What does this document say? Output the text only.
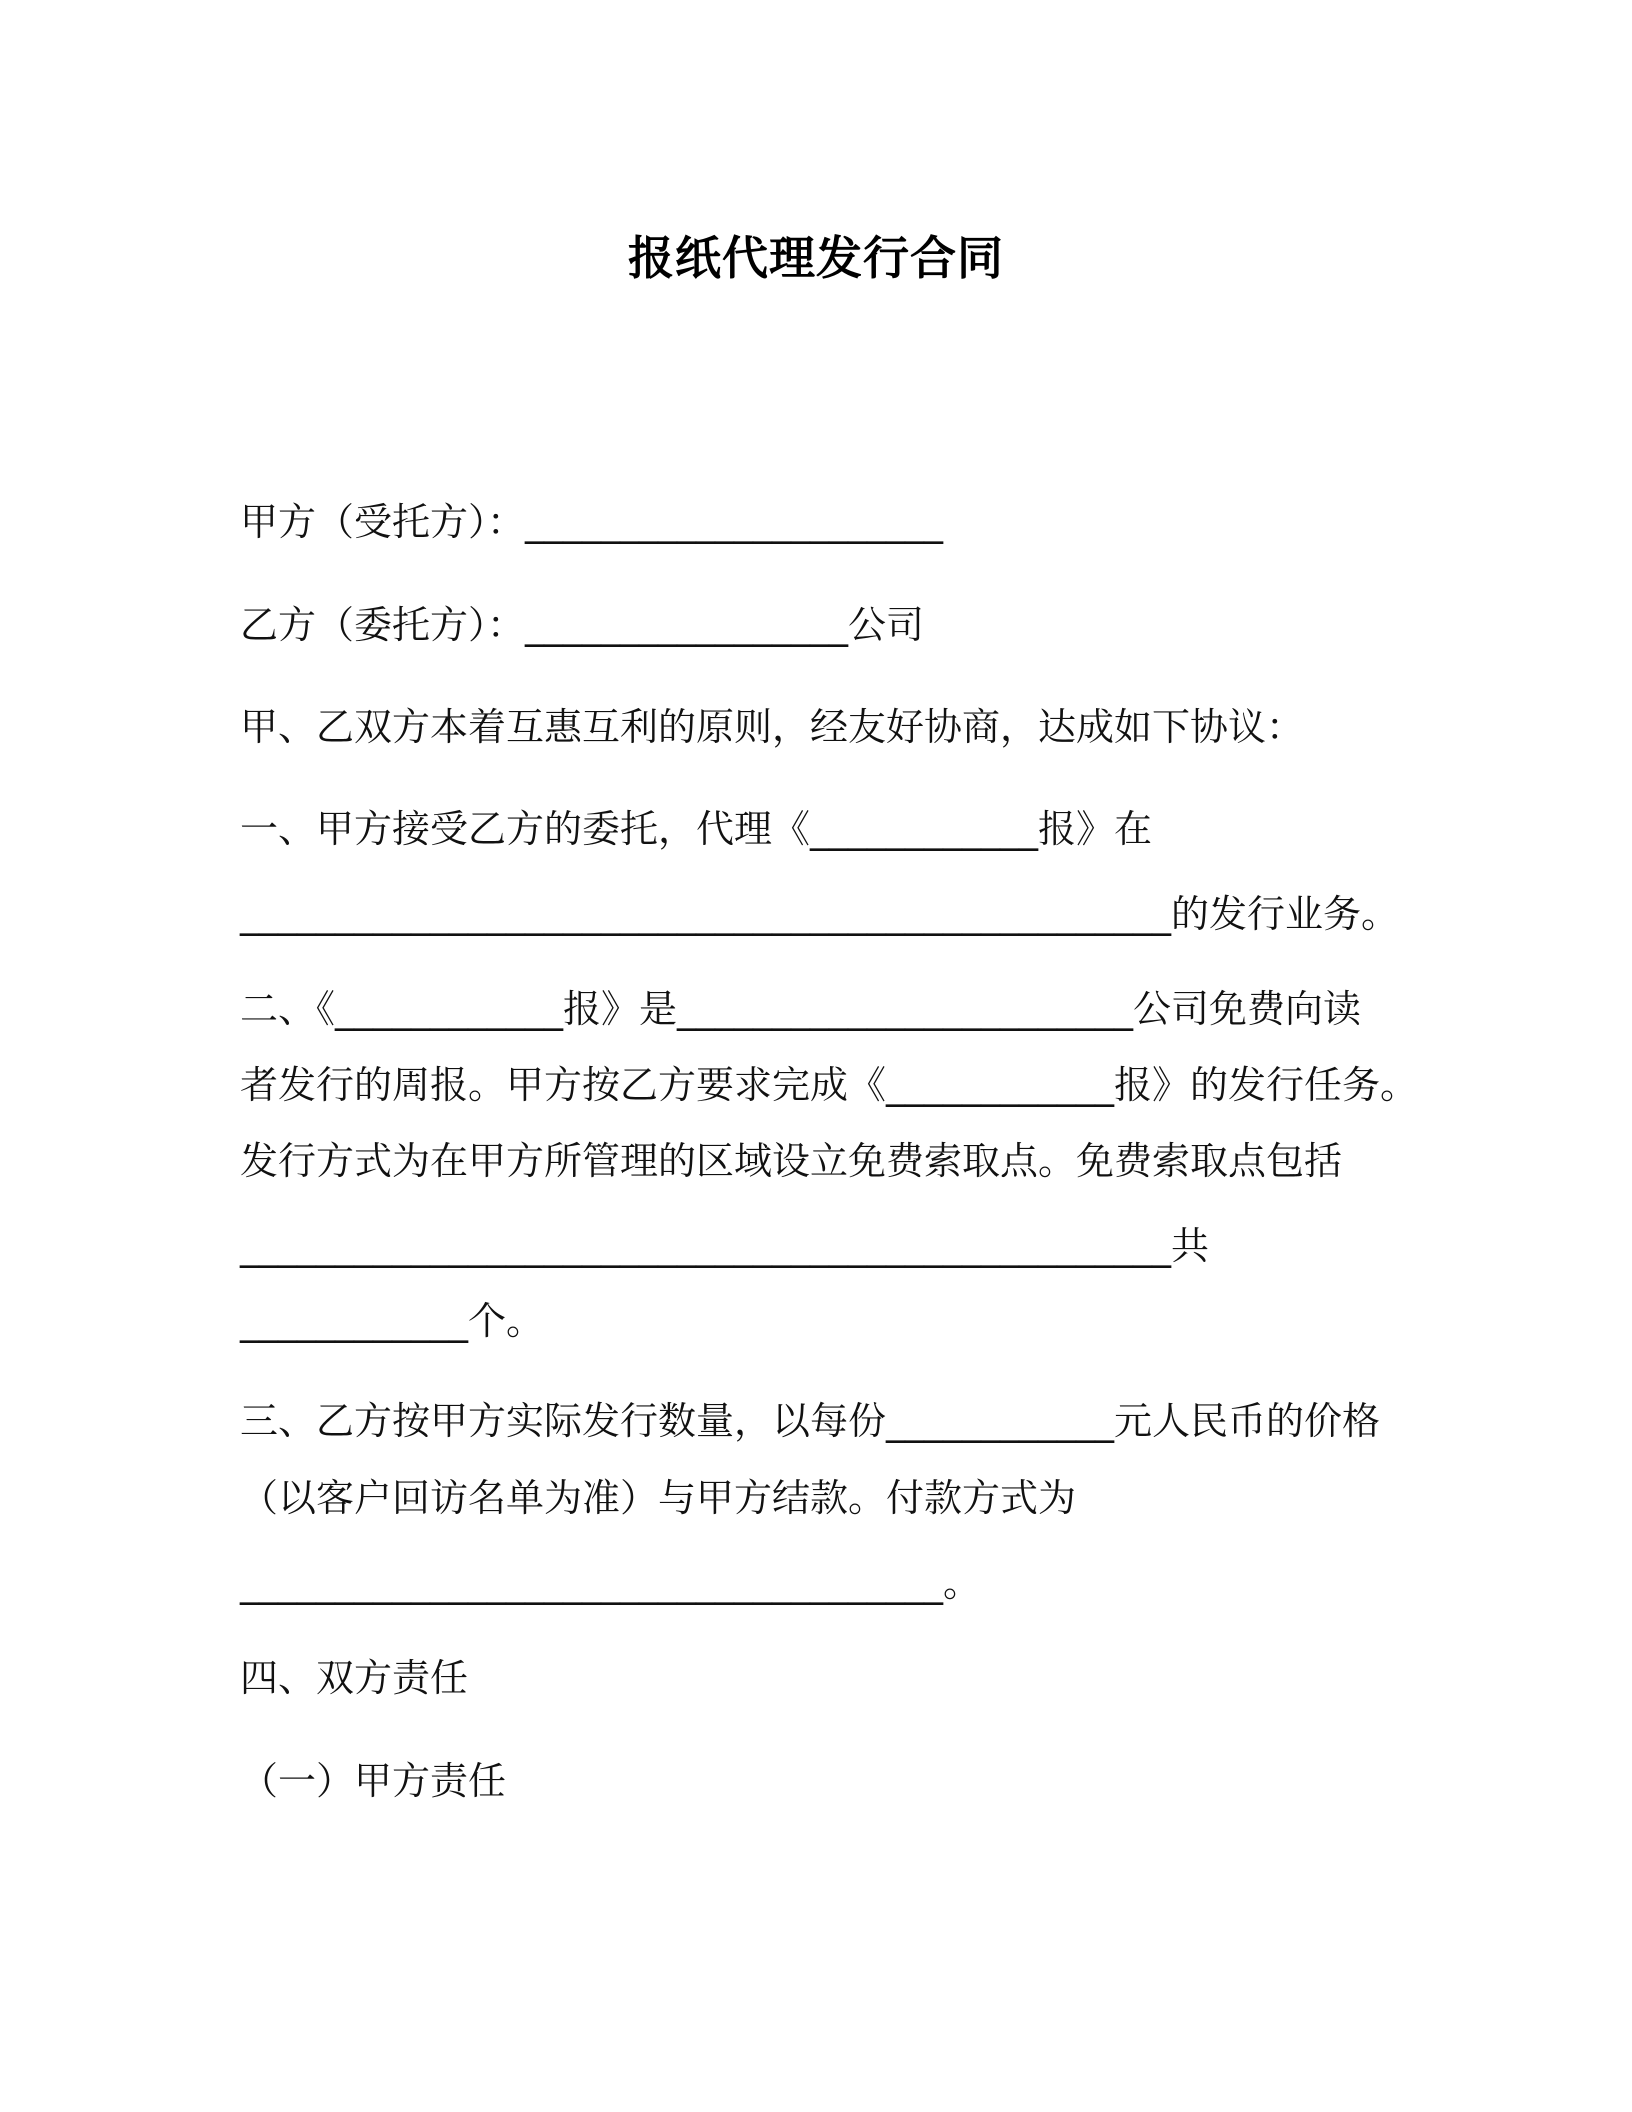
报纸代理发行合同
甲方（受托方）：______________________
乙方（委托方）：_________________公司
甲、乙双方本着互惠互利的原则，经友好协商，达成如下协议：
一、甲方接受乙方的委托，代理《____________报》在
_________________________________________________的发行业务。
二、《____________报》是________________________公司免费向读
者发行的周报。甲方按乙方要求完成《____________报》的发行任务。
发行方式为在甲方所管理的区域设立免费索取点。免费索取点包括
_________________________________________________共
____________个。
三、乙方按甲方实际发行数量，以每份____________元人民币的价格
（以客户回访名单为准）与甲方结款。付款方式为
_____________________________________。
四、双方责任
（一）甲方责任
